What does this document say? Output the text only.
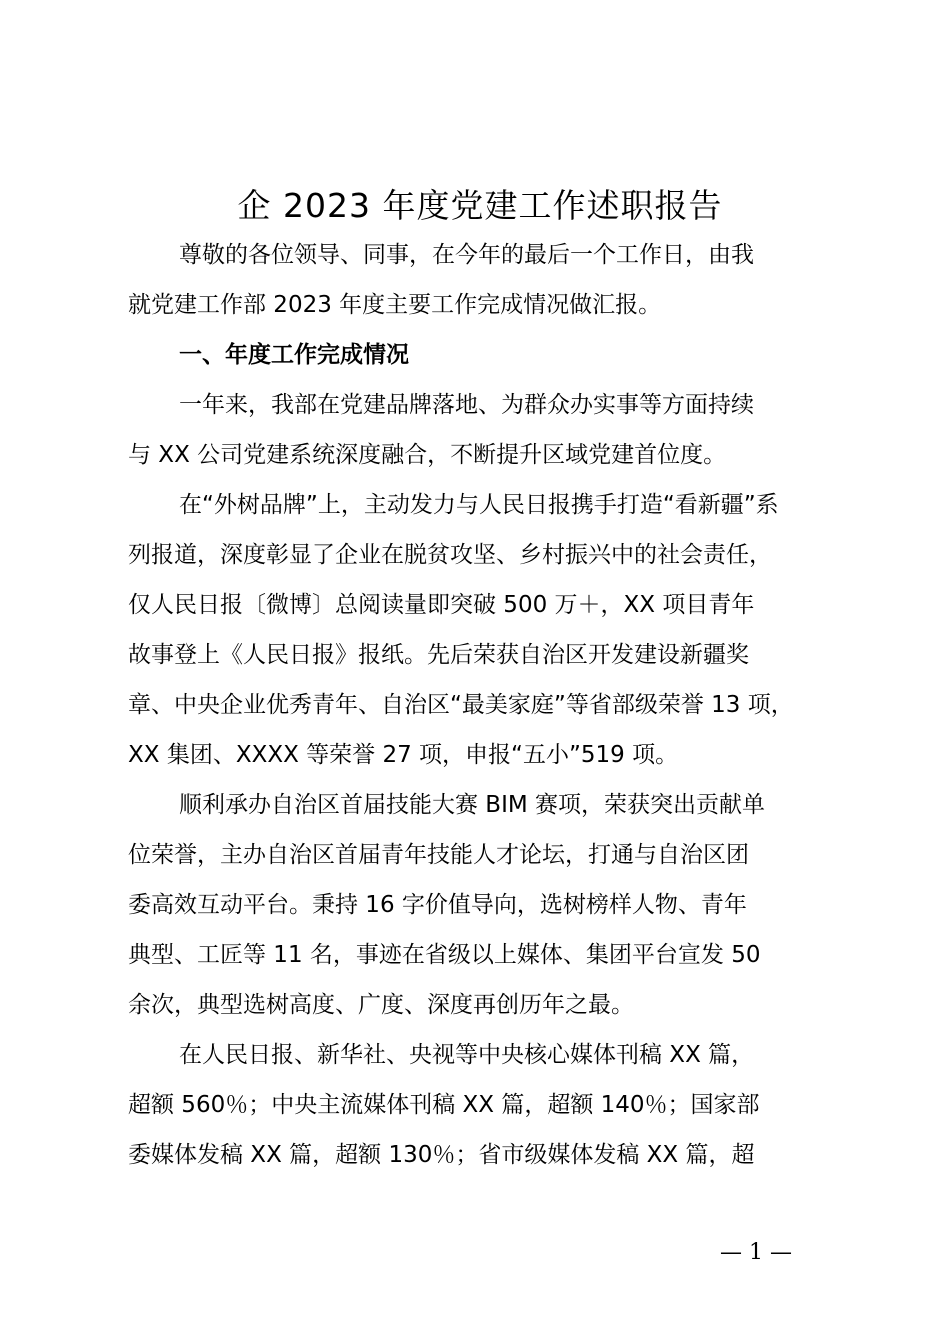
企 2023 年度党建工作述职报告

尊敬的各位领导、同事，在今年的最后一个工作日，由我

就党建工作部 2023 年度主要工作完成情况做汇报。

一、年度工作完成情况

一年来，我部在党建品牌落地、为群众办实事等方面持续

与 XX 公司党建系统深度融合，不断提升区域党建首位度。

在“外树品牌”上，主动发力与人民日报携手打造“看新疆”系

列报道，深度彰显了企业在脱贫攻坚、乡村振兴中的社会责任，

仅人民日报〔微博〕总阅读量即突破 500 万＋，XX 项目青年

故事登上《人民日报》报纸。先后荣获自治区开发建设新疆奖

章、中央企业优秀青年、自治区“最美家庭”等省部级荣誉 13 项，

XX 集团、XXXX 等荣誉 27 项，申报“五小”519 项。

顺利承办自治区首届技能大赛 BIM 赛项，荣获突出贡献单

位荣誉，主办自治区首届青年技能人才论坛，打通与自治区团

委高效互动平台。秉持 16 字价值导向，选树榜样人物、青年

典型、工匠等 11 名，事迹在省级以上媒体、集团平台宣发 50

余次，典型选树高度、广度、深度再创历年之最。

在人民日报、新华社、央视等中央核心媒体刊稿 XX 篇，

超额 560％；中央主流媒体刊稿 XX 篇，超额 140％；国家部

委媒体发稿 XX 篇，超额 130％；省市级媒体发稿 XX 篇，超

— 1 —
